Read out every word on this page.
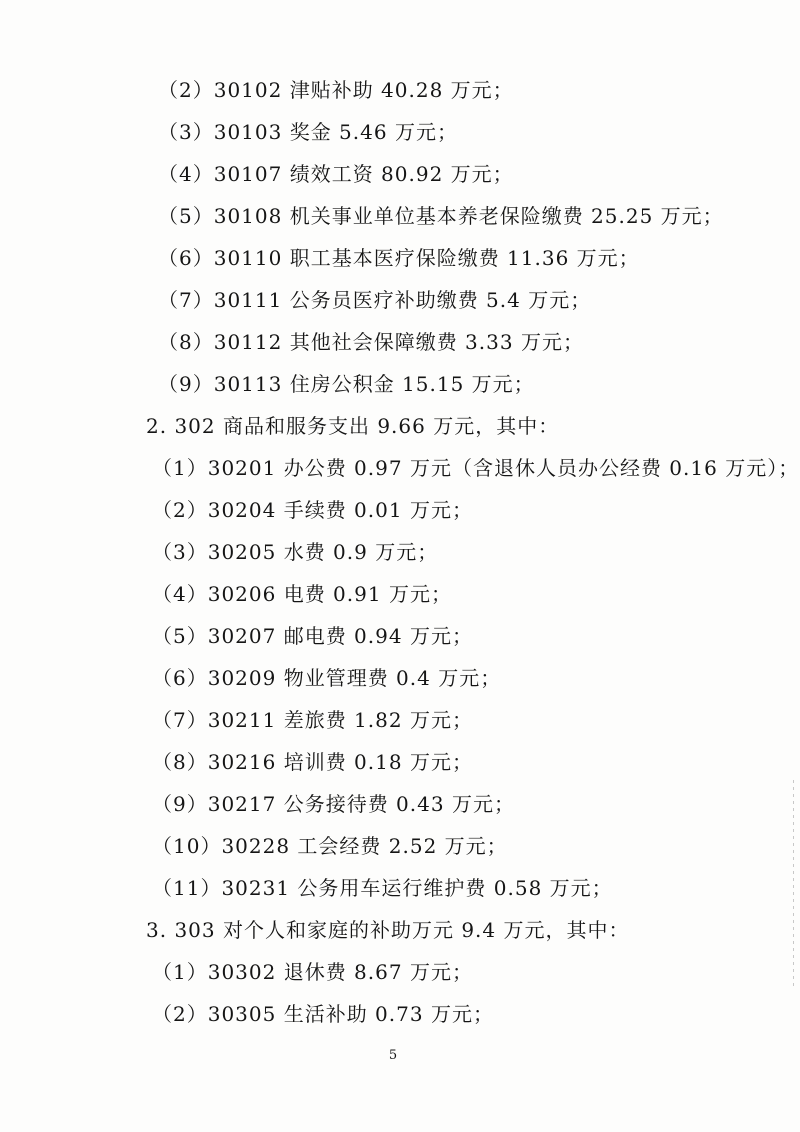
（2）30102 津贴补助 40.28 万元；
（3）30103 奖金 5.46 万元；
（4）30107 绩效工资 80.92 万元；
（5）30108 机关事业单位基本养老保险缴费 25.25 万元；
（6）30110 职工基本医疗保险缴费 11.36 万元；
（7）30111 公务员医疗补助缴费 5.4 万元；
（8）30112 其他社会保障缴费 3.33 万元；
（9）30113 住房公积金 15.15 万元；
2. 302 商品和服务支出 9.66 万元，其中：
（1）30201 办公费 0.97 万元（含退休人员办公经费 0.16 万元）；
（2）30204 手续费 0.01 万元；
（3）30205 水费 0.9 万元；
（4）30206 电费 0.91 万元；
（5）30207 邮电费 0.94 万元；
（6）30209 物业管理费 0.4 万元；
（7）30211 差旅费 1.82 万元；
（8）30216 培训费 0.18 万元；
（9）30217 公务接待费 0.43 万元；
（10）30228 工会经费 2.52 万元；
（11）30231 公务用车运行维护费 0.58 万元；
3. 303 对个人和家庭的补助万元 9.4 万元，其中：
（1）30302 退休费 8.67 万元；
（2）30305 生活补助 0.73 万元；
5
